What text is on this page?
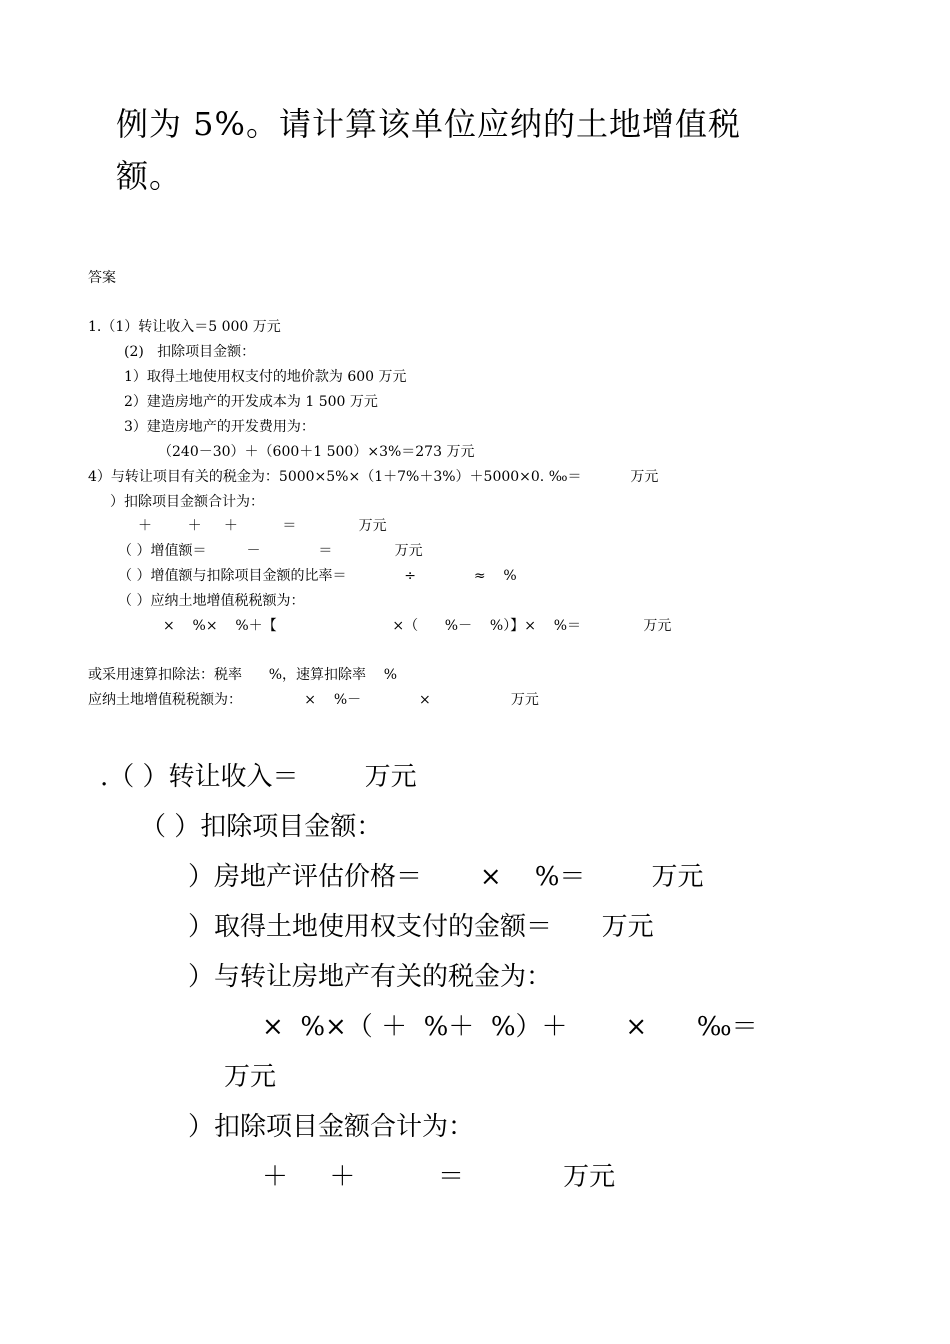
例为 5%。请计算该单位应纳的土地增值税
额。
答案
1.（1）转让收入＝5 000 万元
(2)   扣除项目金额：
1）取得土地使用权支付的地价款为 600 万元
2）建造房地产的开发成本为 1 500 万元
3）建造房地产的开发费用为：
（240－30）＋（600＋1 500）×3%＝273 万元
4）与转让项目有关的税金为：5000×5%×（1＋7%＋3%）＋5000×0. ‰＝           万元
）扣除项目金额合计为：
＋        ＋     ＋          ＝              万元
（ ）增值额＝         －             ＝              万元
（ ）增值额与扣除项目金额的比率＝             ÷             ≈    %
（ ）应纳土地增值税税额为：
×    %×    %＋【                          ×（      %－    %）】×    %＝              万元
或采用速算扣除法：税率      %，速算扣除率    %
应纳土地增值税税额为：              ×    %－             ×                  万元
.（ ）转让收入＝        万元
（ ）扣除项目金额：
）房地产评估价格＝       ×    %＝        万元
）取得土地使用权支付的金额＝      万元
）与转让房地产有关的税金为：
×  %×（ ＋  %＋  %）＋       ×      ‰＝
万元
）扣除项目金额合计为：
＋     ＋          ＝            万元
